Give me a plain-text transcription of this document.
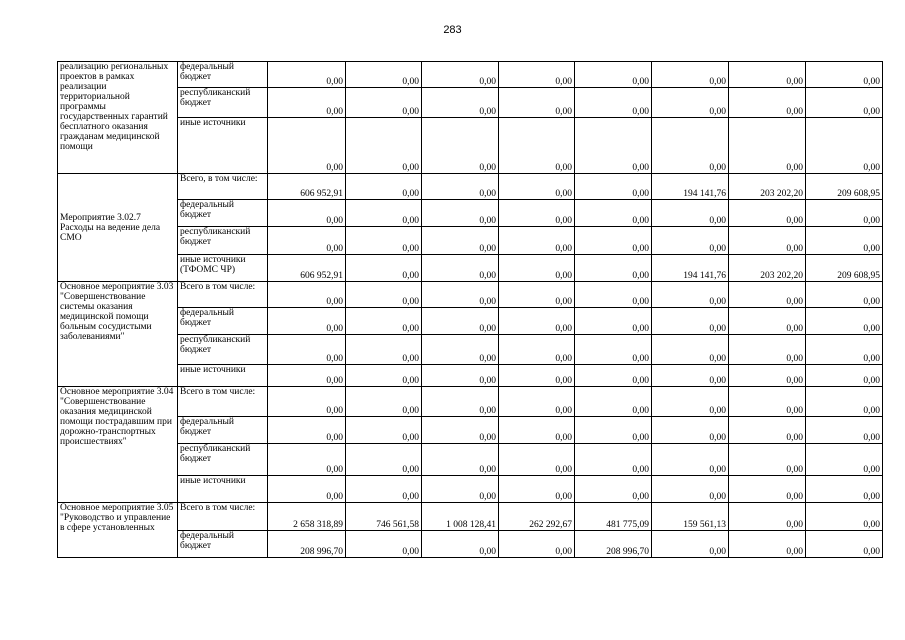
283
реализацию региональных проектов в рамках реализации территориальной программы государственных гарантий бесплатного оказания гражданам медицинской помощи	федеральный бюджет	0,00	0,00	0,00	0,00	0,00	0,00	0,00	0,00
	республиканский бюджет	0,00	0,00	0,00	0,00	0,00	0,00	0,00	0,00
	иные источники	0,00	0,00	0,00	0,00	0,00	0,00	0,00	0,00
Мероприятие 3.02.7 Расходы на ведение дела СМО	Всего, в том числе:	606 952,91	0,00	0,00	0,00	0,00	194 141,76	203 202,20	209 608,95
	федеральный бюджет	0,00	0,00	0,00	0,00	0,00	0,00	0,00	0,00
	республиканский бюджет	0,00	0,00	0,00	0,00	0,00	0,00	0,00	0,00
	иные источники (ТФОМС ЧР)	606 952,91	0,00	0,00	0,00	0,00	194 141,76	203 202,20	209 608,95
Основное мероприятие 3.03 "Совершенствование системы оказания медицинской помощи больным сосудистыми заболеваниями"	Всего в том числе:	0,00	0,00	0,00	0,00	0,00	0,00	0,00	0,00
	федеральный бюджет	0,00	0,00	0,00	0,00	0,00	0,00	0,00	0,00
	республиканский бюджет	0,00	0,00	0,00	0,00	0,00	0,00	0,00	0,00
	иные источники	0,00	0,00	0,00	0,00	0,00	0,00	0,00	0,00
Основное мероприятие 3.04 "Совершенствование оказания медицинской помощи пострадавшим при дорожно-транспортных происшествиях"	Всего в том числе:	0,00	0,00	0,00	0,00	0,00	0,00	0,00	0,00
	федеральный бюджет	0,00	0,00	0,00	0,00	0,00	0,00	0,00	0,00
	республиканский бюджет	0,00	0,00	0,00	0,00	0,00	0,00	0,00	0,00
	иные источники	0,00	0,00	0,00	0,00	0,00	0,00	0,00	0,00
Основное мероприятие 3.05 "Руководство и управление в сфере установленных	Всего в том числе:	2 658 318,89	746 561,58	1 008 128,41	262 292,67	481 775,09	159 561,13	0,00	0,00
	федеральный бюджет	208 996,70	0,00	0,00	0,00	208 996,70	0,00	0,00	0,00
